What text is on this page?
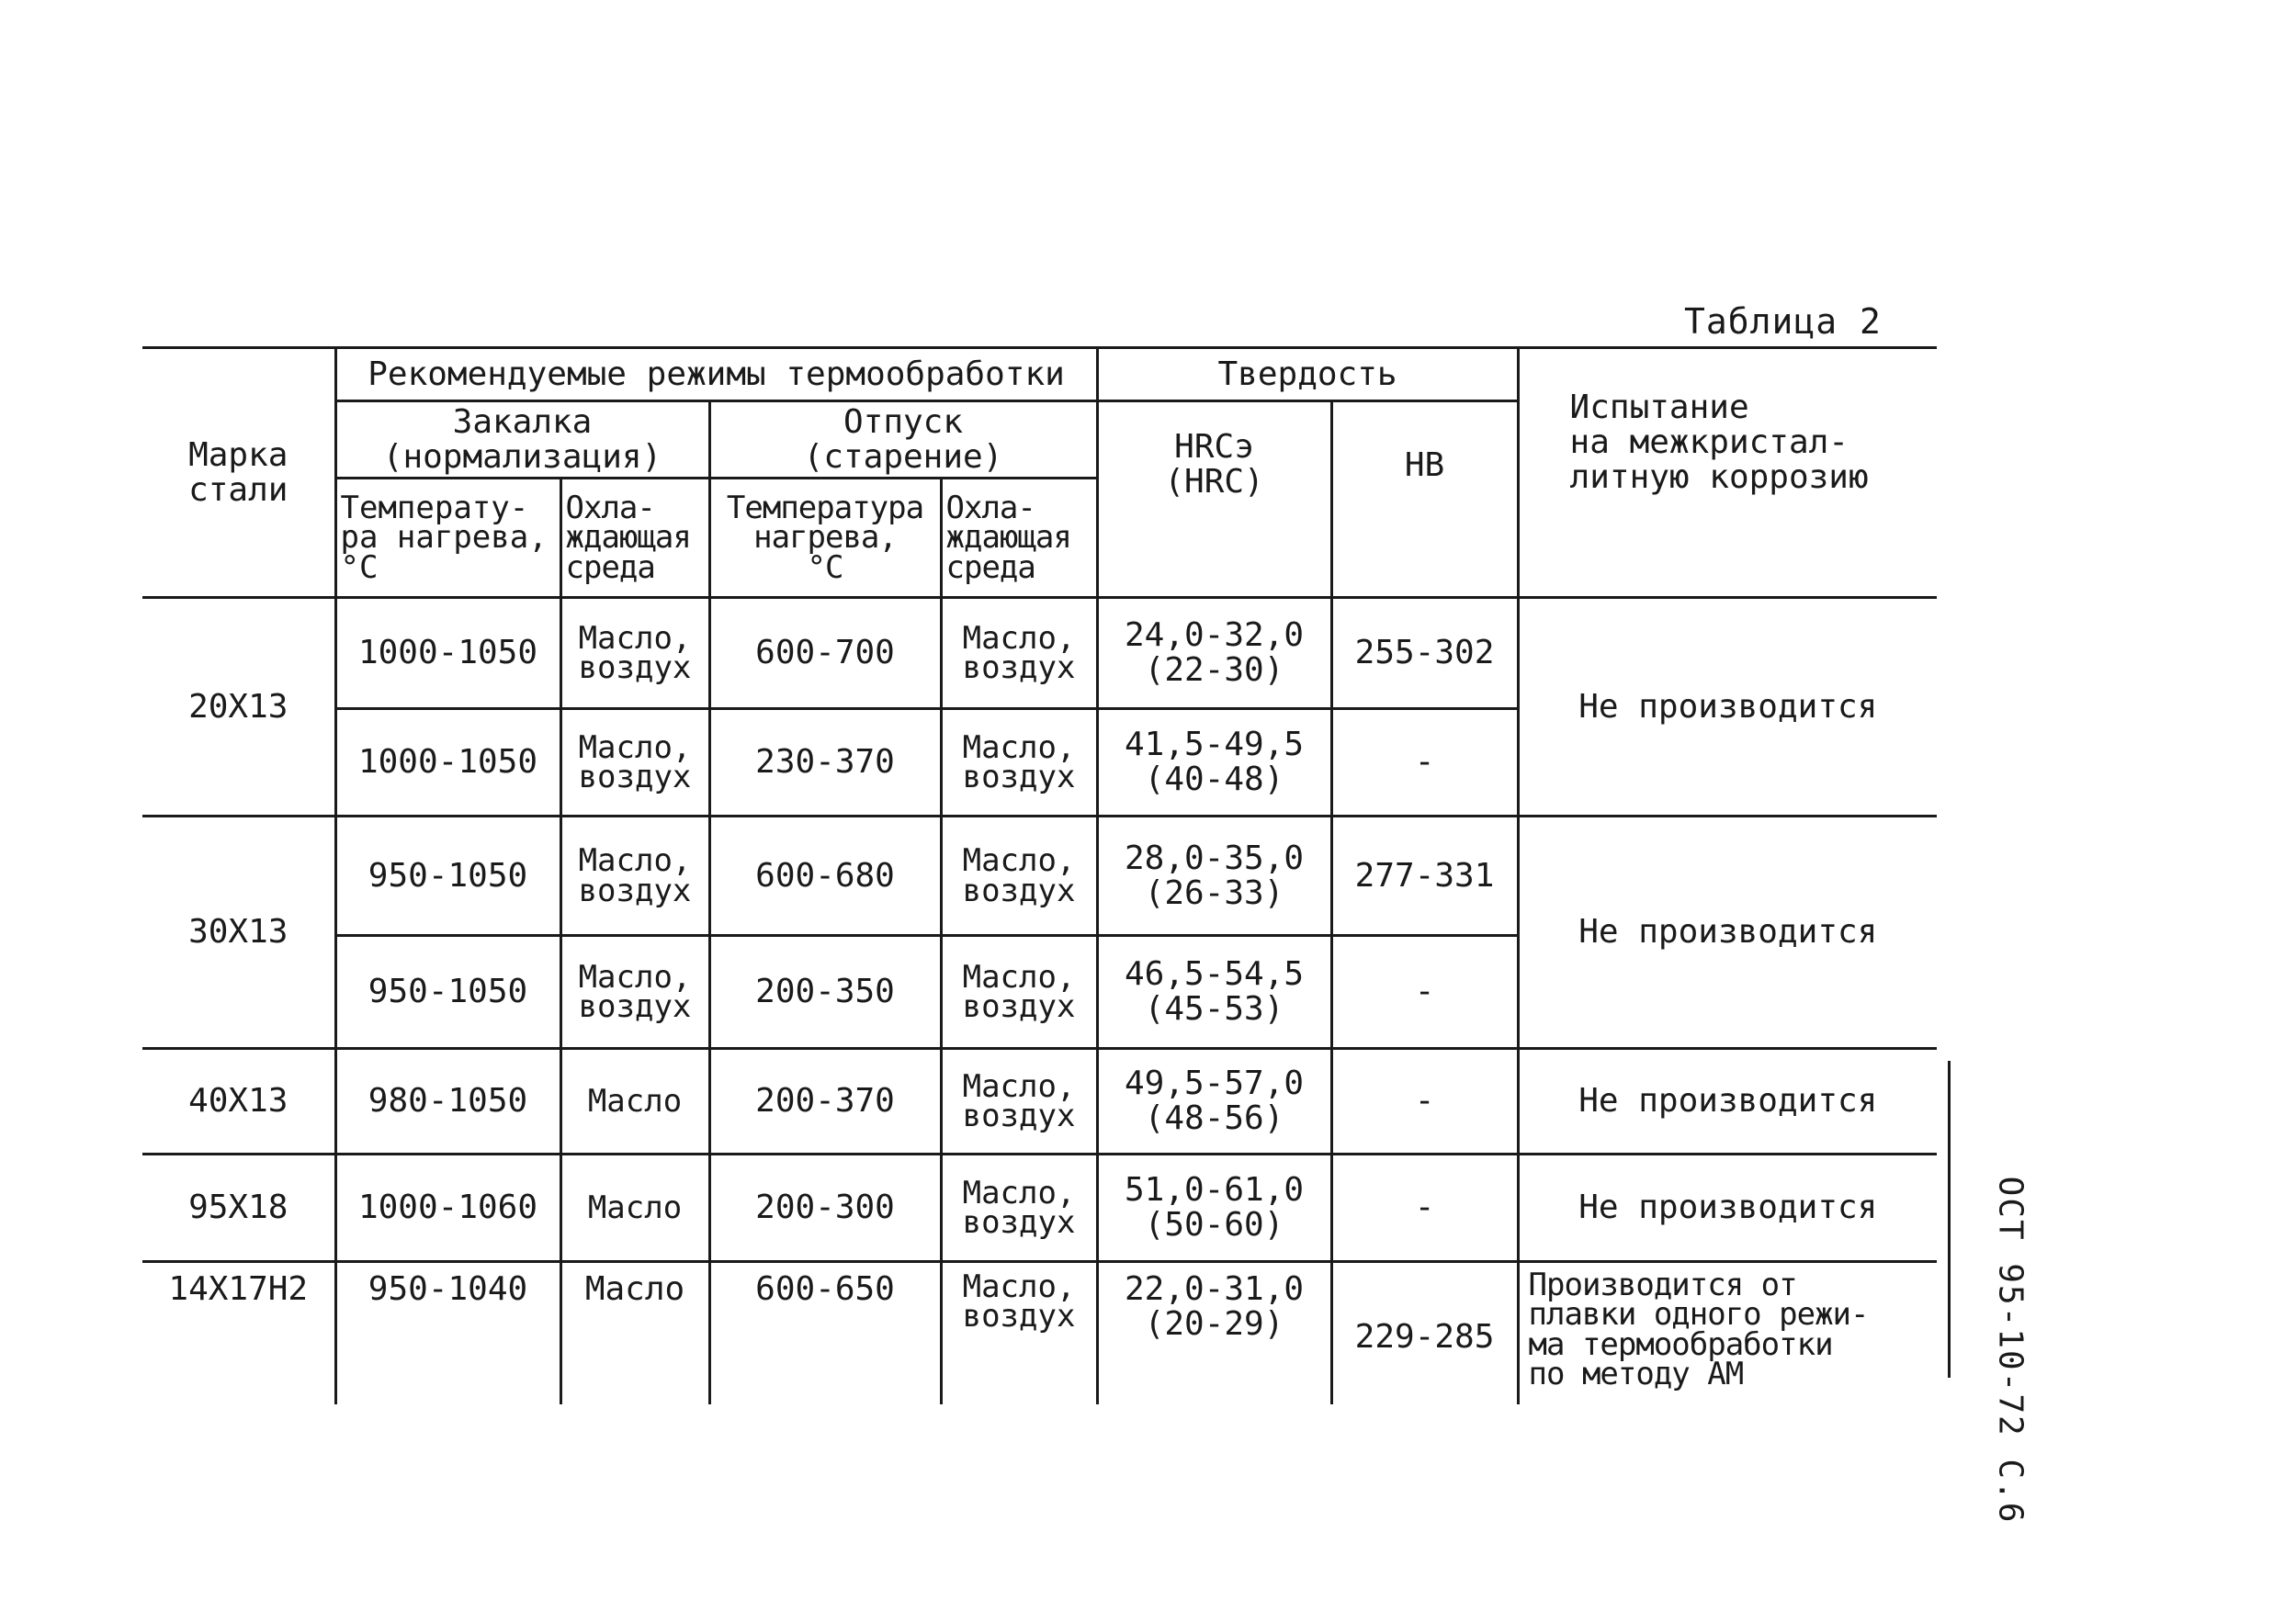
Таблица 2
Марка
стали	Рекомендуемые режимы термообработки				Твердость		Испытание
на межкристал-
литную коррозию
	Закалка
(нормализация)		Отпуск
(старение)		HRCэ
(HRC)	HB	
	Температу-
ра нагрева,
°C	Охла-
ждающая
среда	Температура
нагрева,
°C	Охла-
ждающая
среда			
20Х13	1000-1050	Масло,
воздух	600-700	Масло,
воздух	24,0-32,0
(22-30)	255-302	Не производится
	1000-1050	Масло,
воздух	230-370	Масло,
воздух	41,5-49,5
(40-48)	-	
30Х13	950-1050	Масло,
воздух	600-680	Масло,
воздух	28,0-35,0
(26-33)	277-331	Не производится
	950-1050	Масло,
воздух	200-350	Масло,
воздух	46,5-54,5
(45-53)	-	
40Х13	980-1050	Масло	200-370	Масло,
воздух	49,5-57,0
(48-56)	-	Не производится
95Х18	1000-1060	Масло	200-300	Масло,
воздух	51,0-61,0
(50-60)	-	Не производится
14Х17Н2	950-1040	Масло	600-650	Масло,
воздух	22,0-31,0
(20-29)	229-285	Производится от
плавки одного режи-
ма термообработки
по методу АМ	ОСТ 95-10-72 С.6
